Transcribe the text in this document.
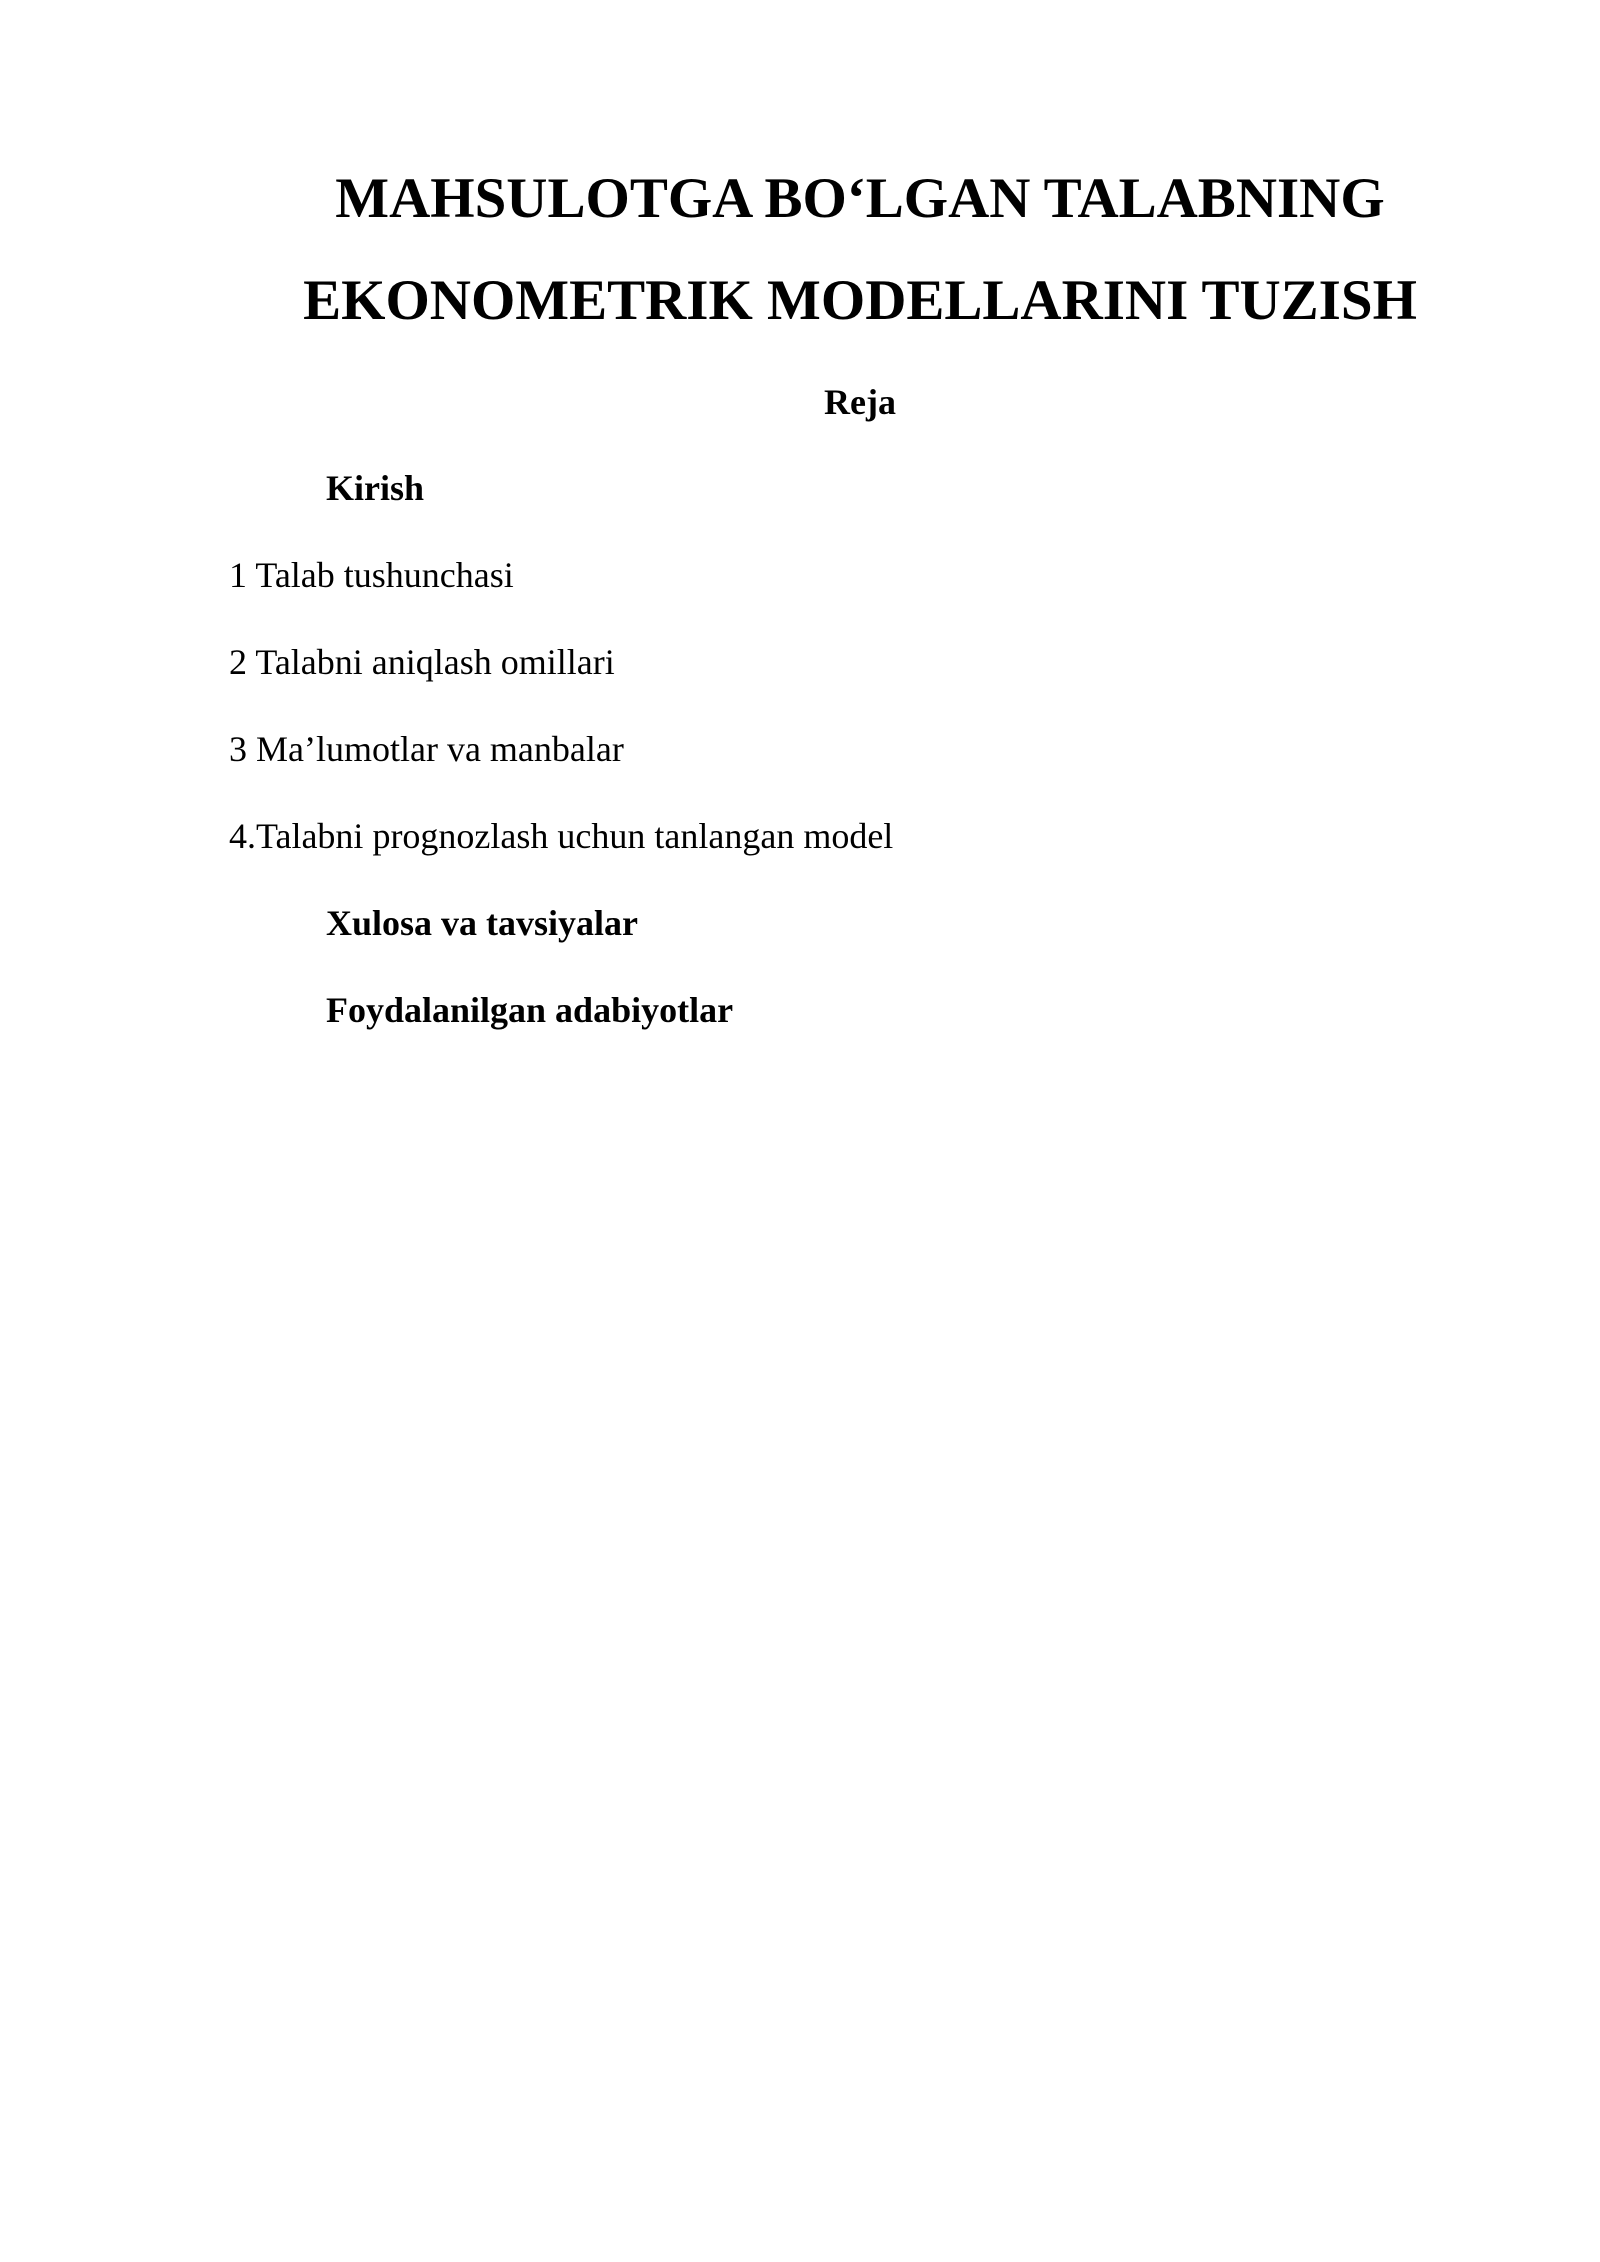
MAHSULOTGA BO‘LGAN TALABNING
EKONOMETRIK MODELLARINI TUZISH
Reja
Kirish
1 Talab tushunchasi
2 Talabni aniqlash omillari
3 Ma’lumotlar va manbalar
4.Talabni prognozlash uchun tanlangan model
Xulosa va tavsiyalar
Foydalanilgan adabiyotlar
